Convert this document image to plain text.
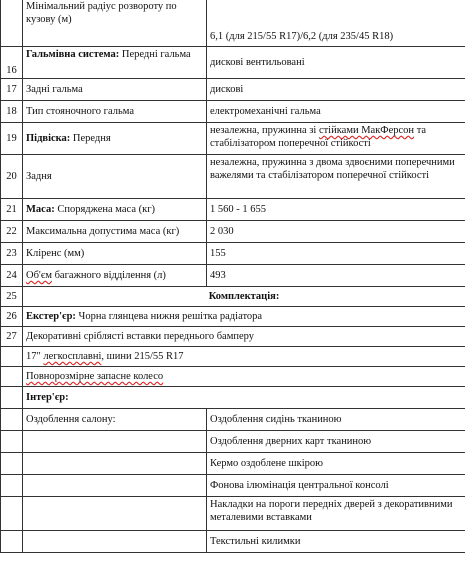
	Мінімальний радіус розвороту по кузову (м)	6,1 (для 215/55 R17)/6,2 (для 235/45 R18)
16	Гальмівна система: Передні гальма	дискові вентильовані
17	Задні гальма	дискові
18	Тип стояночного гальма	електромеханічні гальма
19	Підвіска: Передня	незалежна, пружинна зі стійками МакФерсон та стабілізатором поперечної стійкості
20	Задня	незалежна, пружинна з двома здвоєними поперечними важелями та стабілізатором поперечної стійкості
21	Маса: Споряджена маса (кг)	1 560 - 1 655
22	Максимальна допустима маса (кг)	2 030
23	Кліренс (мм)	155
24	Об'єм багажного відділення (л)	493
25	Комплектація:	
26	Екстер'єр: Чорна глянцева нижня решітка радіатора	
27	Декоративні сріблясті вставки переднього бамперу	
	17" легкосплавні, шини 215/55 R17	
	Повнорозмірне запасне колесо	
	Інтер'єр:	
	Оздоблення салону:	Оздоблення сидінь тканиною
		Оздоблення дверних карт тканиною
		Кермо оздоблене шкірою
		Фонова ілюмінація центральної консолі
		Накладки на пороги передніх дверей з декоративними металевими вставками
		Текстильні килимки
